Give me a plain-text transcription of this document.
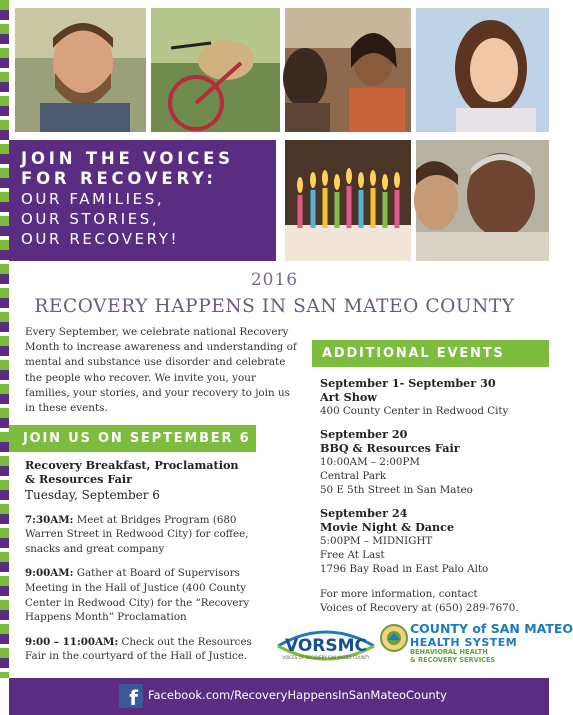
JOIN THE VOICES
FOR RECOVERY:
OUR FAMILIES,
OUR STORIES,
OUR RECOVERY!
2016
RECOVERY HAPPENS IN SAN MATEO COUNTY

Every September, we celebrate national Recovery Month to increase awareness and understanding of mental and substance use disorder and celebrate the people who recover. We invite you, your families, your stories, and your recovery to join us in these events.

JOIN US ON SEPTEMBER 6
Recovery Breakfast, Proclamation
& Resources Fair
Tuesday, September 6
7:30AM: Meet at Bridges Program (680 Warren Street in Redwood City) for coffee, snacks and great company
9:00AM: Gather at Board of Supervisors Meeting in the Hall of Justice (400 County Center in Redwood City) for the “Recovery Happens Month” Proclamation
9:00 – 11:00AM: Check out the Resources Fair in the courtyard of the Hall of Justice.
ADDITIONAL EVENTS
September 1- September 30
Art Show
400 County Center in Redwood City
September 20
BBQ & Resources Fair
10:00AM – 2:00PM
Central Park
50 E 5th Street in San Mateo
September 24
Movie Night & Dance
5:00PM – MIDNIGHT
Free At Last
1796 Bay Road in East Palo Alto
For more information, contact
Voices of Recovery at (650) 289-7670.
VORSMC
VOICES OF RECOVERY SAN MATEO COUNTY
COUNTY of SAN MATEO
HEALTH SYSTEM
BEHAVIORAL HEALTH
& RECOVERY SERVICES
f Facebook.com/RecoveryHappensInSanMateoCounty
